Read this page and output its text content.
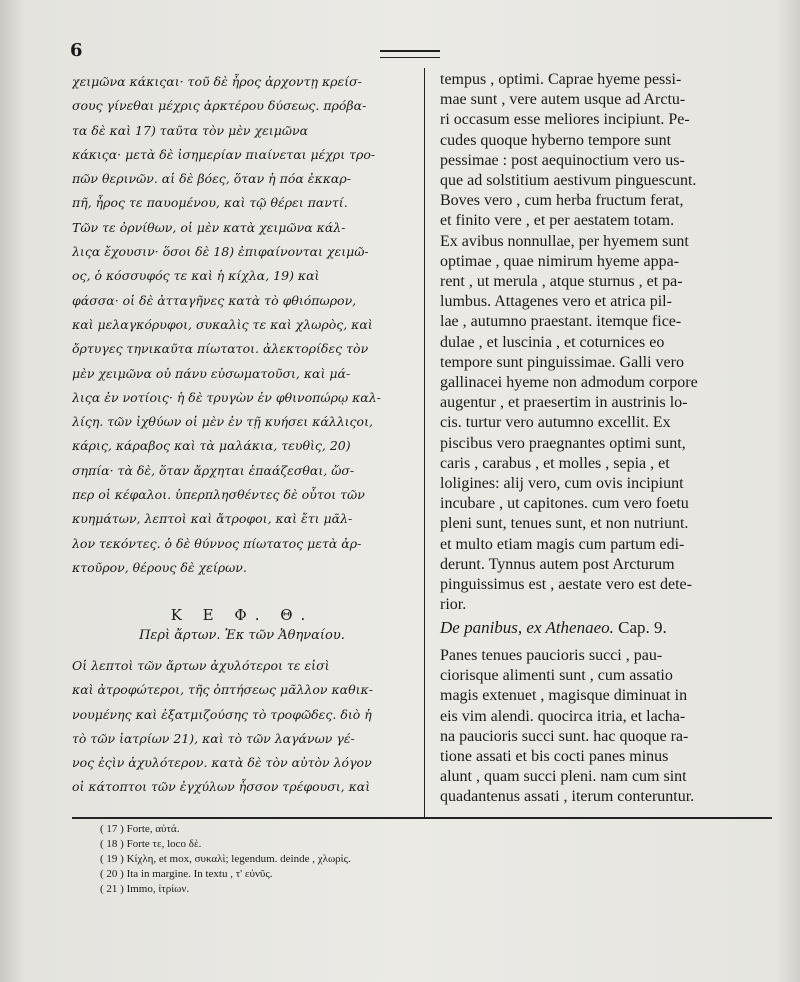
6
χειμῶνα κάκιςαι· τοῦ δὲ ἦρος ἀρχοντῃ κρείσ-
σους γίνεθαι μέχρις ἀρκτέρου δύσεως. πρόβα-
τα δὲ καὶ 17) ταῦτα τὸν μὲν χειμῶνα
κάκιςα· μετὰ δὲ ἰσημερίαν πιαίνεται μέχρι τρο-
πῶν θερινῶν. αἱ δὲ βόες, ὅταν ἡ πόα ἐκκαρ-
πῆ, ἦρος τε παυομένου, καὶ τῷ θέρει παντί.
Τῶν τε ὀρνίθων, οἱ μὲν κατὰ χειμῶνα κάλ-
λιςα ἔχουσιν· ὅσοι δὲ 18) ἐπιφαίνονται χειμῶ-
ος, ὁ κόσσυφός τε καὶ ἡ κίχλα, 19) καὶ
φάσσα· οἱ δὲ ἀτταγῆνες κατὰ τὸ φθιόπωρον,
καὶ μελαγκόρυφοι, συκαλὶς τε καὶ χλωρὸς, καὶ
ὄρτυγες τηνικαῦτα πίωτατοι. ἀλεκτορίδες τὸν
μὲν χειμῶνα οὐ πάνυ εὐσωματοῦσι, καὶ μά-
λιςα ἐν νοτίοις· ἡ δὲ τρυγὼν ἐν φθινοπώρῳ καλ-
λίςη. τῶν ἰχθύων οἱ μὲν ἐν τῇ κυήσει κάλλιςοι,
κάρις, κάραβος καὶ τὰ μαλάκια, τευθὶς, 20)
σηπία· τὰ δὲ, ὅταν ἄρχηται ἐπαάζεσθαι, ὥσ-
περ οἱ κέφαλοι. ὑπερπλησθέντες δὲ οὗτοι τῶν
κυημάτων, λεπτοὶ καὶ ἄτροφοι, καὶ ἔτι μᾶλ-
λον τεκόντες. ὁ δὲ θύννος πίωτατος μετὰ ἀρ-
κτοῦρον, θέρους δὲ χείρων.
Κ Ε Φ. Θ.
Περὶ ἄρτων. Ἐκ τῶν Ἀθηναίου.
Οἱ λεπτοὶ τῶν ἄρτων ἀχυλότεροι τε εἰσὶ
καὶ ἀτροφώτεροι, τῆς ὀπτήσεως μᾶλλον καθικ-
νουμένης καὶ ἐξατμιζούσης τὸ τροφῶδες. διὸ ἡ
τὸ τῶν ἰατρίων 21), καὶ τὸ τῶν λαγάνων γέ-
νος ἐςὶν ἀχυλότερον. κατὰ δὲ τὸν αὐτὸν λόγον
οἱ κάτοπτοι τῶν ἐγχύλων ἧσσον τρέφουσι, καὶ
tempus , optimi. Caprae hyeme pessi-
mae sunt , vere autem usque ad Arctu-
ri occasum esse meliores incipiunt. Pe-
cudes quoque hyberno tempore sunt
pessimae : post aequinoctium vero us-
que ad solstitium aestivum pinguescunt.
Boves vero , cum herba fructum ferat,
et finito vere , et per aestatem totam.
Ex avibus nonnullae, per hyemem sunt
optimae , quae nimirum hyeme appa-
rent , ut merula , atque sturnus , et pa-
lumbus. Attagenes vero et atrica pil-
lae , autumno praestant. itemque fice-
dulae , et luscinia , et coturnices eo
tempore sunt pinguissimae. Galli vero
gallinacei hyeme non admodum corpore
augentur , et praesertim in austrinis lo-
cis. turtur vero autumno excellit. Ex
piscibus vero praegnantes optimi sunt,
caris , carabus , et molles , sepia , et
loligines: alij vero, cum ovis incipiunt
incubare , ut capitones. cum vero foetu
pleni sunt, tenues sunt, et non nutriunt.
et multo etiam magis cum partum edi-
derunt. Tynnus autem post Arcturum
pinguissimus est , aestate vero est dete-
rior.
De panibus, ex Athenaeo. Cap. 9.
Panes tenues paucioris succi , pau-
ciorisque alimenti sunt , cum assatio
magis extenuet , magisque diminuat in
eis vim alendi. quocirca itria, et lacha-
na paucioris succi sunt. hac quoque ra-
tione assati et bis cocti panes minus
alunt , quam succi pleni. nam cum sint
quadantenus assati , iterum conteruntur.
( 17 ) Forte, αὐτά.
( 18 ) Forte τε, loco δὲ.
( 19 ) Κίχλη, et mox, συκαλὶ; legendum. deinde , χλωρὶς.
( 20 ) Ita in margine. In textu , τ' εὐνῦς.
( 21 ) Immo, ἰτρίων.
